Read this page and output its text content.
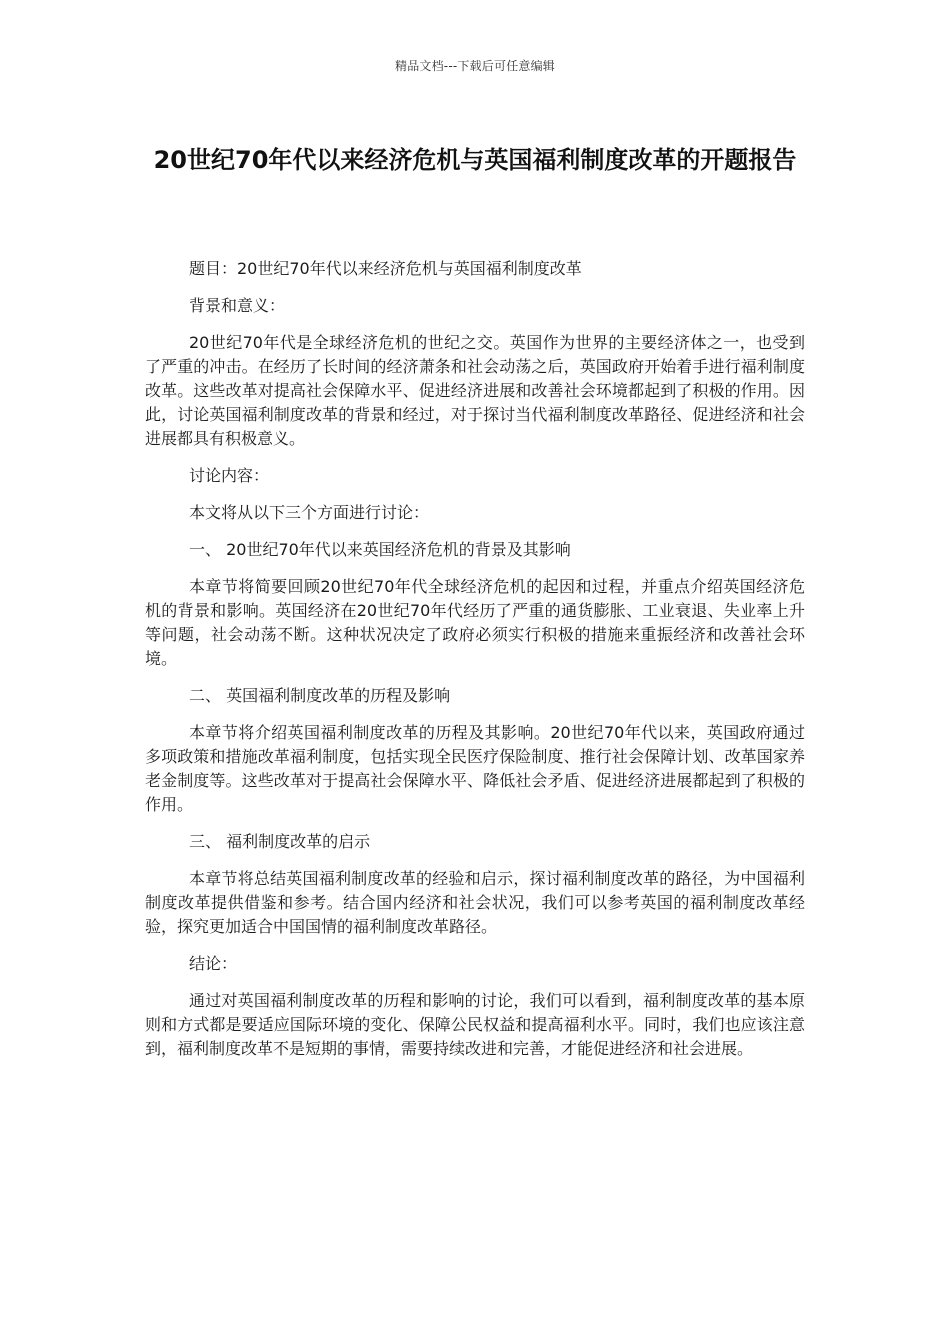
精品文档---下载后可任意编辑
20世纪70年代以来经济危机与英国福利制度改革的开题报告

题目：20世纪70年代以来经济危机与英国福利制度改革

背景和意义：

20世纪70年代是全球经济危机的世纪之交。英国作为世界的主要经济体之一，也受到了严重的冲击。在经历了长时间的经济萧条和社会动荡之后，英国政府开始着手进行福利制度改革。这些改革对提高社会保障水平、促进经济进展和改善社会环境都起到了积极的作用。因此，讨论英国福利制度改革的背景和经过，对于探讨当代福利制度改革路径、促进经济和社会进展都具有积极意义。

讨论内容：

本文将从以下三个方面进行讨论：

一、 20世纪70年代以来英国经济危机的背景及其影响

本章节将简要回顾20世纪70年代全球经济危机的起因和过程，并重点介绍英国经济危机的背景和影响。英国经济在20世纪70年代经历了严重的通货膨胀、工业衰退、失业率上升等问题，社会动荡不断。这种状况决定了政府必须实行积极的措施来重振经济和改善社会环境。

二、 英国福利制度改革的历程及影响

本章节将介绍英国福利制度改革的历程及其影响。20世纪70年代以来，英国政府通过多项政策和措施改革福利制度，包括实现全民医疗保险制度、推行社会保障计划、改革国家养老金制度等。这些改革对于提高社会保障水平、降低社会矛盾、促进经济进展都起到了积极的作用。

三、 福利制度改革的启示

本章节将总结英国福利制度改革的经验和启示，探讨福利制度改革的路径，为中国福利制度改革提供借鉴和参考。结合国内经济和社会状况，我们可以参考英国的福利制度改革经验，探究更加适合中国国情的福利制度改革路径。

结论：

通过对英国福利制度改革的历程和影响的讨论，我们可以看到，福利制度改革的基本原则和方式都是要适应国际环境的变化、保障公民权益和提高福利水平。同时，我们也应该注意到，福利制度改革不是短期的事情，需要持续改进和完善，才能促进经济和社会进展。
